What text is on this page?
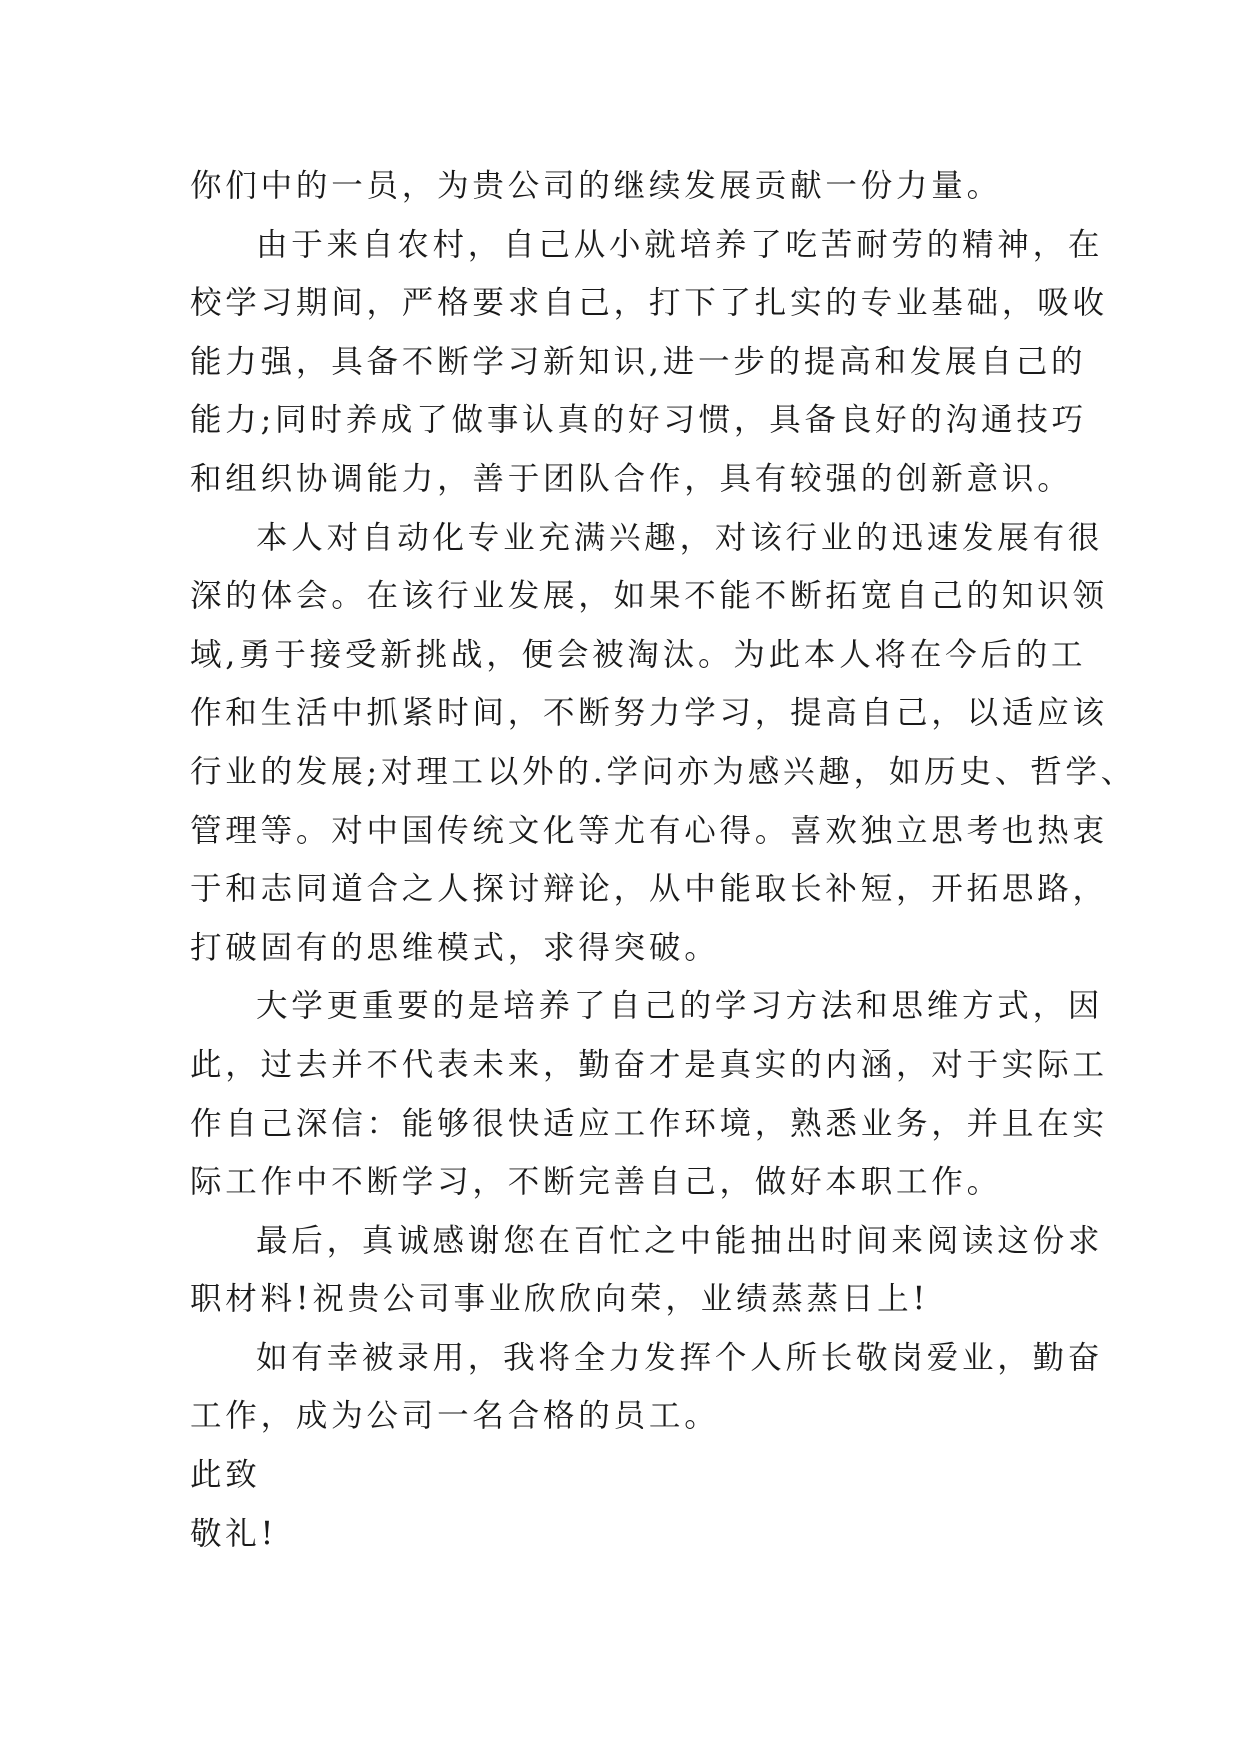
你们中的一员，为贵公司的继续发展贡献一份力量。
由于来自农村，自己从小就培养了吃苦耐劳的精神，在
校学习期间，严格要求自己，打下了扎实的专业基础，吸收
能力强，具备不断学习新知识,进一步的提高和发展自己的
能力;同时养成了做事认真的好习惯，具备良好的沟通技巧
和组织协调能力，善于团队合作，具有较强的创新意识。
本人对自动化专业充满兴趣，对该行业的迅速发展有很
深的体会。在该行业发展，如果不能不断拓宽自己的知识领
域,勇于接受新挑战，便会被淘汰。为此本人将在今后的工
作和生活中抓紧时间，不断努力学习，提高自己，以适应该
行业的发展;对理工以外的.学问亦为感兴趣，如历史、哲学、
管理等。对中国传统文化等尤有心得。喜欢独立思考也热衷
于和志同道合之人探讨辩论，从中能取长补短，开拓思路，
打破固有的思维模式，求得突破。
大学更重要的是培养了自己的学习方法和思维方式，因
此，过去并不代表未来，勤奋才是真实的内涵，对于实际工
作自己深信：能够很快适应工作环境，熟悉业务，并且在实
际工作中不断学习，不断完善自己，做好本职工作。
最后，真诚感谢您在百忙之中能抽出时间来阅读这份求
职材料!祝贵公司事业欣欣向荣，业绩蒸蒸日上!
如有幸被录用，我将全力发挥个人所长敬岗爱业，勤奋
工作，成为公司一名合格的员工。
此致
敬礼!
